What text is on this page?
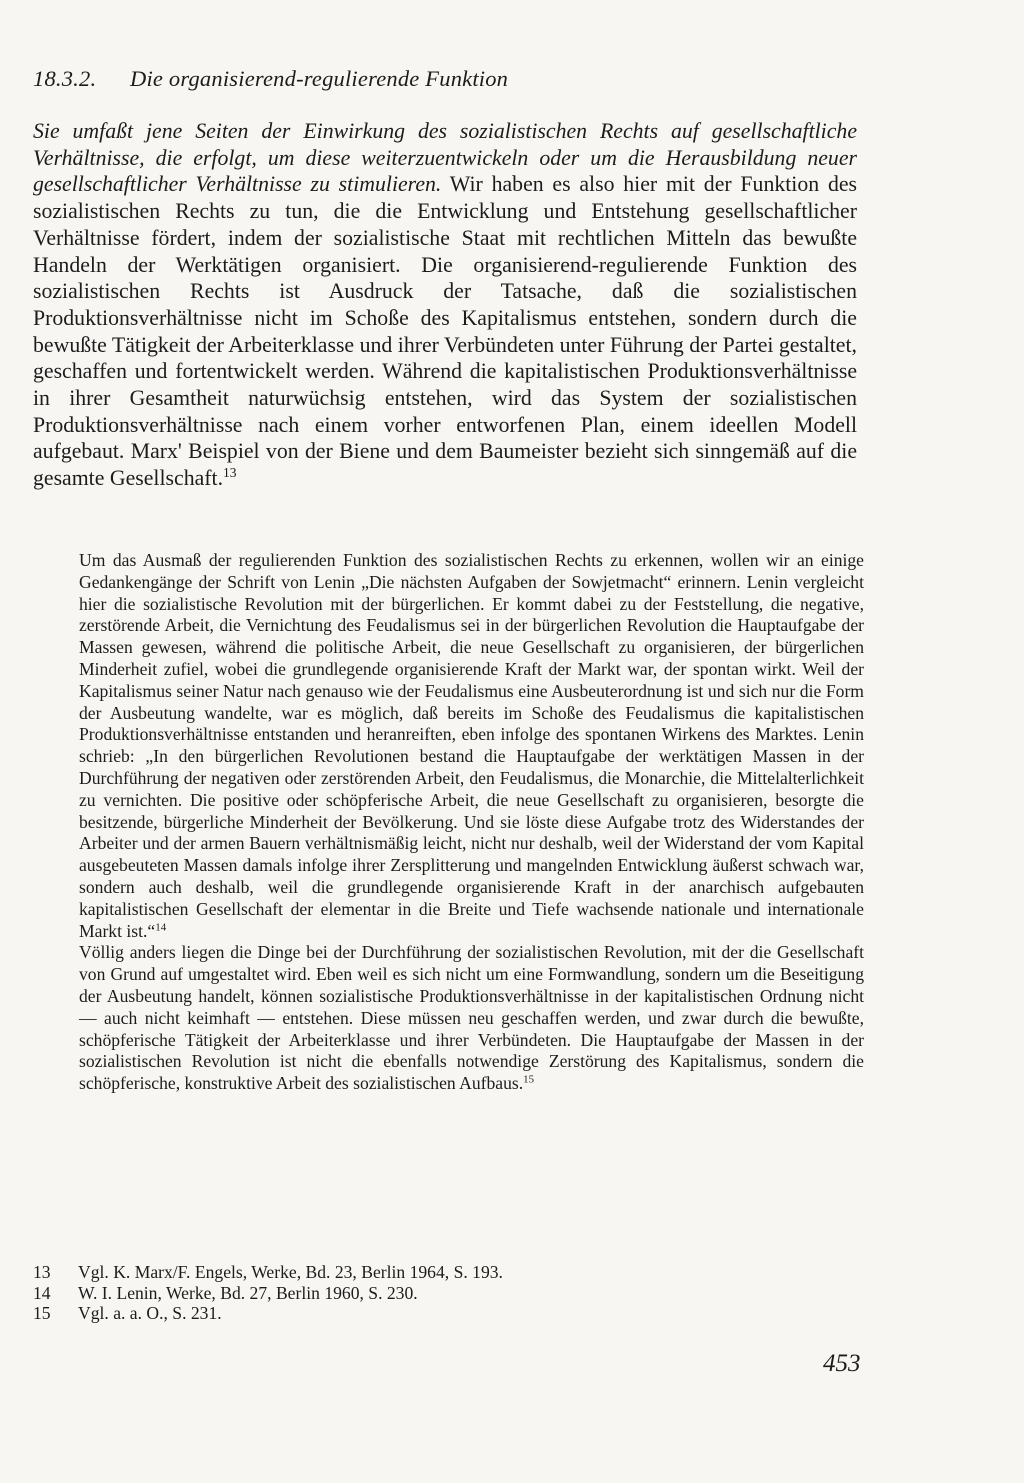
18.3.2. Die organisierend-regulierende Funktion
Sie umfaßt jene Seiten der Einwirkung des sozialistischen Rechts auf gesellschaftliche Verhältnisse, die erfolgt, um diese weiterzuentwickeln oder um die Herausbildung neuer gesellschaftlicher Verhältnisse zu stimulieren. Wir haben es also hier mit der Funktion des sozialistischen Rechts zu tun, die die Entwicklung und Entstehung gesellschaftlicher Verhältnisse fördert, indem der sozialistische Staat mit rechtlichen Mitteln das bewußte Handeln der Werktätigen organisiert. Die organisierend-regulierende Funktion des sozialistischen Rechts ist Ausdruck der Tatsache, daß die sozialistischen Produktionsverhältnisse nicht im Schoße des Kapitalismus entstehen, sondern durch die bewußte Tätigkeit der Arbeiterklasse und ihrer Verbündeten unter Führung der Partei gestaltet, geschaffen und fortentwickelt werden. Während die kapitalistischen Produktionsverhältnisse in ihrer Gesamtheit naturwüchsig entstehen, wird das System der sozialistischen Produktionsverhältnisse nach einem vorher entworfenen Plan, einem ideellen Modell aufgebaut. Marx' Beispiel von der Biene und dem Baumeister bezieht sich sinngemäß auf die gesamte Gesellschaft.$^{13}$

Um das Ausmaß der regulierenden Funktion des sozialistischen Rechts zu erkennen, wollen wir an einige Gedankengänge der Schrift von Lenin „Die nächsten Aufgaben der Sowjetmacht“ erinnern. Lenin vergleicht hier die sozialistische Revolution mit der bürgerlichen. Er kommt dabei zu der Feststellung, die negative, zerstörende Arbeit, die Vernichtung des Feudalismus sei in der bürgerlichen Revolution die Hauptaufgabe der Massen gewesen, während die politische Arbeit, die neue Gesellschaft zu organisieren, der bürgerlichen Minderheit zufiel, wobei die grundlegende organisierende Kraft der Markt war, der spontan wirkt. Weil der Kapitalismus seiner Natur nach genauso wie der Feudalismus eine Ausbeuterordnung ist und sich nur die Form der Ausbeutung wandelte, war es möglich, daß bereits im Schoße des Feudalismus die kapitalistischen Produktionsverhältnisse entstanden und heranreiften, eben infolge des spontanen Wirkens des Marktes. Lenin schrieb: „In den bürgerlichen Revolutionen bestand die Hauptaufgabe der werktätigen Massen in der Durchführung der negativen oder zerstörenden Arbeit, den Feudalismus, die Monarchie, die Mittelalterlichkeit zu vernichten. Die positive oder schöpferische Arbeit, die neue Gesellschaft zu organisieren, besorgte die besitzende, bürgerliche Minderheit der Bevölkerung. Und sie löste diese Aufgabe trotz des Widerstandes der Arbeiter und der armen Bauern verhältnismäßig leicht, nicht nur deshalb, weil der Widerstand der vom Kapital ausgebeuteten Massen damals infolge ihrer Zersplitterung und mangelnden Entwicklung äußerst schwach war, sondern auch deshalb, weil die grundlegende organisierende Kraft in der anarchisch aufgebauten kapitalistischen Gesellschaft der elementar in die Breite und Tiefe wachsende nationale und internationale Markt ist.“$^{14}$

Völlig anders liegen die Dinge bei der Durchführung der sozialistischen Revolution, mit der die Gesellschaft von Grund auf umgestaltet wird. Eben weil es sich nicht um eine Formwandlung, sondern um die Beseitigung der Ausbeutung handelt, können sozialistische Produktionsverhältnisse in der kapitalistischen Ordnung nicht — auch nicht keimhaft — entstehen. Diese müssen neu geschaffen werden, und zwar durch die bewußte, schöpferische Tätigkeit der Arbeiterklasse und ihrer Verbündeten. Die Hauptaufgabe der Massen in der sozialistischen Revolution ist nicht die ebenfalls notwendige Zerstörung des Kapitalismus, sondern die schöpferische, konstruktive Arbeit des sozialistischen Aufbaus.$^{15}$

13 Vgl. K. Marx/F. Engels, Werke, Bd. 23, Berlin 1964, S. 193.
14 W. I. Lenin, Werke, Bd. 27, Berlin 1960, S. 230.
15 Vgl. a. a. O., S. 231.
453
